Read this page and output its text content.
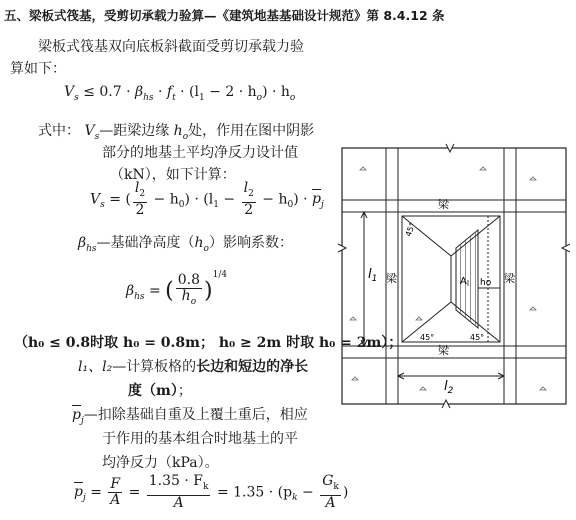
五、梁板式筏基，受剪切承载力验算—《建筑地基基础设计规范》第 8.4.12 条
梁板式筏基双向底板斜截面受剪切承载力验
算如下：
$V_s \le 0.7 \cdot \beta_{hs} \cdot f_t \cdot (l_1 - 2 \cdot h_o) \cdot h_o$
式中： $V_s—$距梁边缘 $h_o$处，作用在图中阴影
部分的地基土平均净反力设计值
（kN），如下计算：
$V_s$ = ( $\frac{l_2}{2} - h_0) \cdot (l_1 - \frac{l_2}{2} - h_0) \cdot p_j$
$\beta_{hs}—$基础净高度$(h_o)$影响系数：
$\beta_{hs}$ = ( $\frac{0.8}{h_o} )^{1/4}$
（h₀ ≤ 0.8时取 h₀ = 0.8m； h₀ ≥ 2m 时取 h₀ = 2m）；
l₁、l₂—计算板格的长边和短边的净长
度（m）；
$p_j—$扣除基础自重及上覆土重后，相应
于作用的基本组合时地基土的平
均净反力（kPa）。
$p_j = \frac{F}{A} = \frac{1.35 \cdot F_k}{A} = 1.35 \cdot (p_k - \frac{G_k}{A}$ )
梁
梁
梁	梁
$l_1$
$l_2$
$A_l$ ho
45°	45°
45°
